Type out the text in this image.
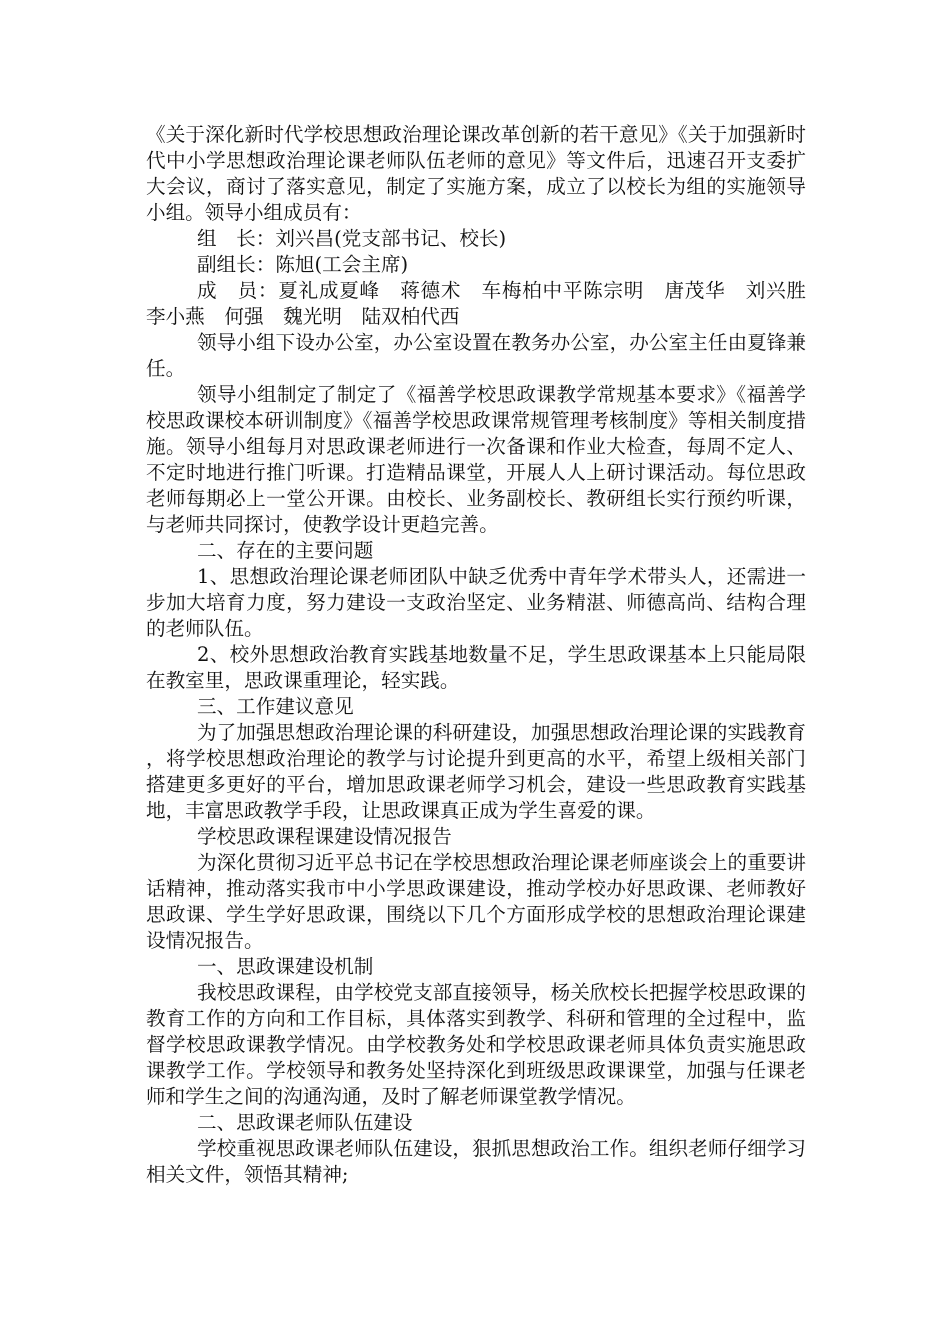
《关于深化新时代学校思想政治理论课改革创新的若干意见》《关于加强新时代中小学思想政治理论课老师队伍老师的意见》等文件后，迅速召开支委扩大会议，商讨了落实意见，制定了实施方案，成立了以校长为组的实施领导小组。领导小组成员有：

组　长：刘兴昌(党支部书记、校长)

副组长：陈旭(工会主席)

成　员：夏礼成夏峰　蒋德术　车梅柏中平陈宗明　唐茂华　刘兴胜　李小燕　何强　魏光明　陆双柏代西

领导小组下设办公室，办公室设置在教务办公室，办公室主任由夏锋兼任。

领导小组制定了制定了《福善学校思政课教学常规基本要求》《福善学校思政课校本研训制度》《福善学校思政课常规管理考核制度》等相关制度措施。领导小组每月对思政课老师进行一次备课和作业大检查，每周不定人、不定时地进行推门听课。打造精品课堂，开展人人上研讨课活动。每位思政老师每期必上一堂公开课。由校长、业务副校长、教研组长实行预约听课，与老师共同探讨，使教学设计更趋完善。

二、存在的主要问题

1、思想政治理论课老师团队中缺乏优秀中青年学术带头人，还需进一步加大培育力度，努力建设一支政治坚定、业务精湛、师德高尚、结构合理的老师队伍。

2、校外思想政治教育实践基地数量不足，学生思政课基本上只能局限在教室里，思政课重理论，轻实践。

三、工作建议意见

为了加强思想政治理论课的科研建设，加强思想政治理论课的实践教育，将学校思想政治理论的教学与讨论提升到更高的水平，希望上级相关部门搭建更多更好的平台，增加思政课老师学习机会，建设一些思政教育实践基地，丰富思政教学手段，让思政课真正成为学生喜爱的课。

学校思政课程课建设情况报告

为深化贯彻习近平总书记在学校思想政治理论课老师座谈会上的重要讲话精神，推动落实我市中小学思政课建设，推动学校办好思政课、老师教好思政课、学生学好思政课，围绕以下几个方面形成学校的思想政治理论课建设情况报告。

一、思政课建设机制

我校思政课程，由学校党支部直接领导，杨关欣校长把握学校思政课的教育工作的方向和工作目标，具体落实到教学、科研和管理的全过程中，监督学校思政课教学情况。由学校教务处和学校思政课老师具体负责实施思政课教学工作。学校领导和教务处坚持深化到班级思政课课堂，加强与任课老师和学生之间的沟通沟通，及时了解老师课堂教学情况。

二、思政课老师队伍建设

学校重视思政课老师队伍建设，狠抓思想政治工作。组织老师仔细学习相关文件，领悟其精神;
